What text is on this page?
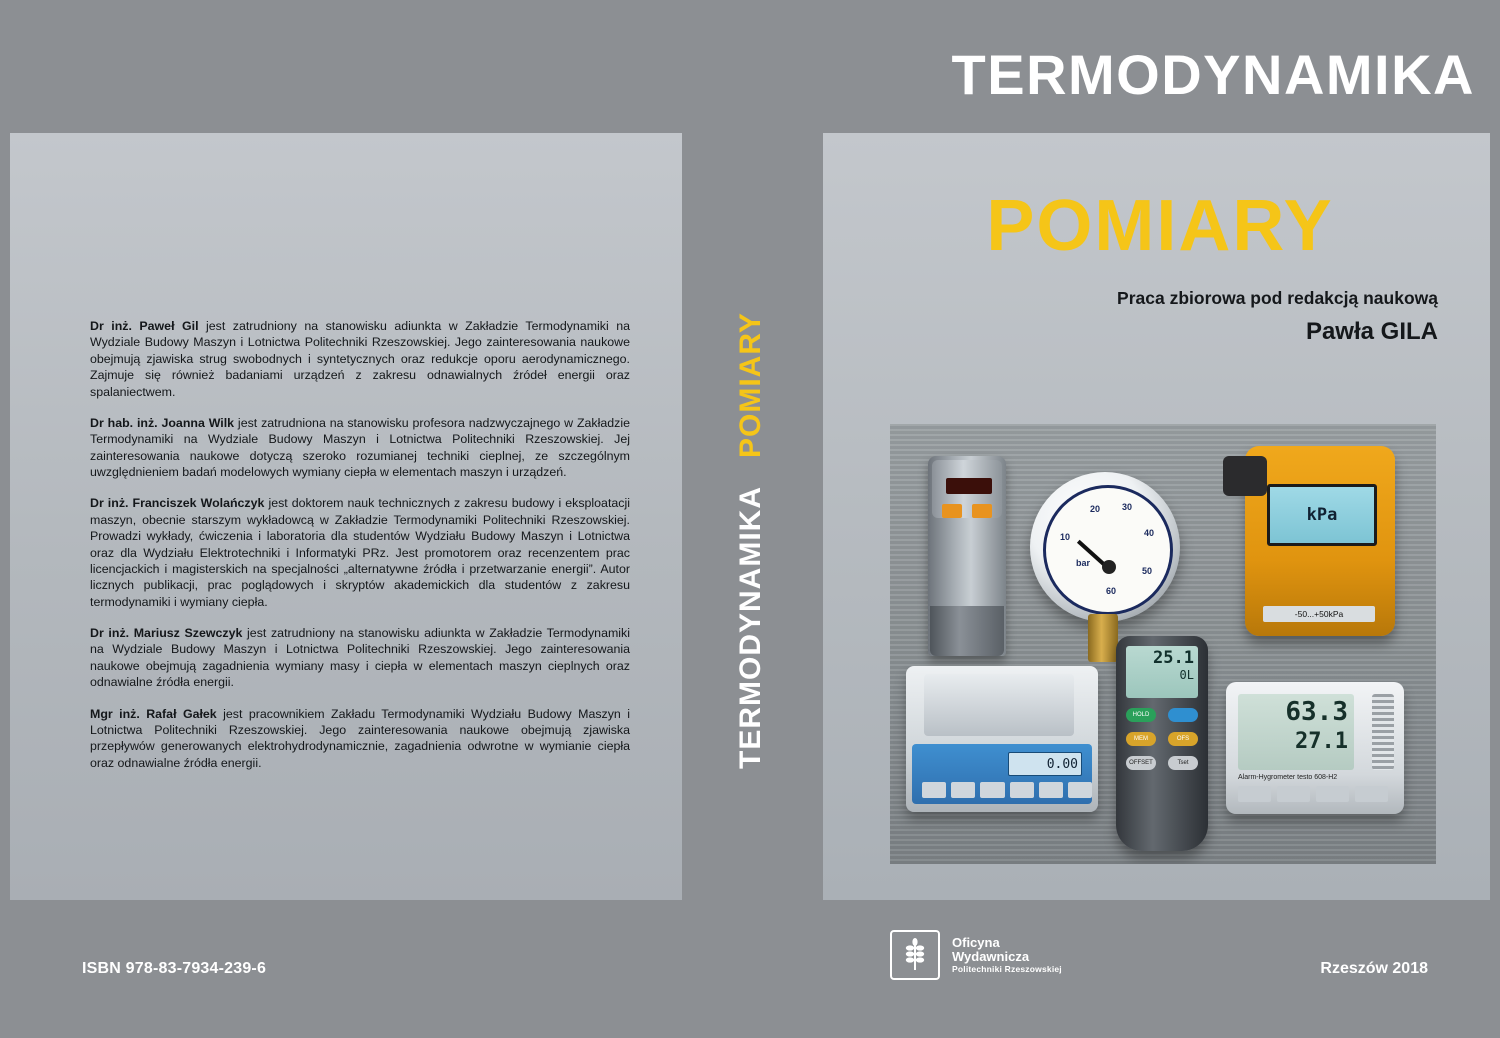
Dr inż. Paweł Gil jest zatrudniony na stanowisku adiunkta w Zakładzie Termodynamiki na Wydziale Budowy Maszyn i Lotnictwa Politechniki Rzeszowskiej. Jego zainteresowania naukowe obejmują zjawiska strug swobodnych i syntetycznych oraz redukcje oporu aerodynamicznego. Zajmuje się również badaniami urządzeń z zakresu odnawialnych źródeł energii oraz spalaniectwem.

Dr hab. inż. Joanna Wilk jest zatrudniona na stanowisku profesora nadzwyczajnego w Zakładzie Termodynamiki na Wydziale Budowy Maszyn i Lotnictwa Politechniki Rzeszowskiej. Jej zainteresowania naukowe dotyczą szeroko rozumianej techniki cieplnej, ze szczególnym uwzględnieniem badań modelowych wymiany ciepła w elementach maszyn i urządzeń.

Dr inż. Franciszek Wolańczyk jest doktorem nauk technicznych z zakresu budowy i eksploatacji maszyn, obecnie starszym wykładowcą w Zakładzie Termodynamiki Politechniki Rzeszowskiej. Prowadzi wykłady, ćwiczenia i laboratoria dla studentów Wydziału Budowy Maszyn i Lotnictwa oraz dla Wydziału Elektrotechniki i Informatyki PRz. Jest promotorem oraz recenzentem prac licencjackich i magisterskich na specjalności „alternatywne źródła i przetwarzanie energii”. Autor licznych publikacji, prac poglądowych i skryptów akademickich dla studentów z zakresu termodynamiki i wymiany ciepła.

Dr inż. Mariusz Szewczyk jest zatrudniony na stanowisku adiunkta w Zakładzie Termodynamiki na Wydziale Budowy Maszyn i Lotnictwa Politechniki Rzeszowskiej. Jego zainteresowania naukowe obejmują zagadnienia wymiany masy i ciepła w elementach maszyn cieplnych oraz odnawialne źródła energii.

Mgr inż. Rafał Gałek jest pracownikiem Zakładu Termodynamiki Wydziału Budowy Maszyn i Lotnictwa Politechniki Rzeszowskiej. Jego zainteresowania naukowe obejmują zjawiska przepływów generowanych elektrohydrodynamicznie, zagadnienia odwrotne w wymianie ciepła oraz odnawialne źródła energii.

ISBN 978-83-7934-239-6
TERMODYNAMIKA
POMIARY
TERMODYNAMIKA
POMIARY
Praca zbiorowa pod redakcją naukową
Pawła GILA
10
20 30
40
50
60
bar
kPa
-50...+50kPa
0.00
25.1
0L
HOLD
MEM	OFS
OFFSET	Tset
63.3
27.1
Alarm-Hygrometer testo 608-H2
Oficyna
Wydawnicza
Politechniki Rzeszowskiej	Rzeszów 2018
